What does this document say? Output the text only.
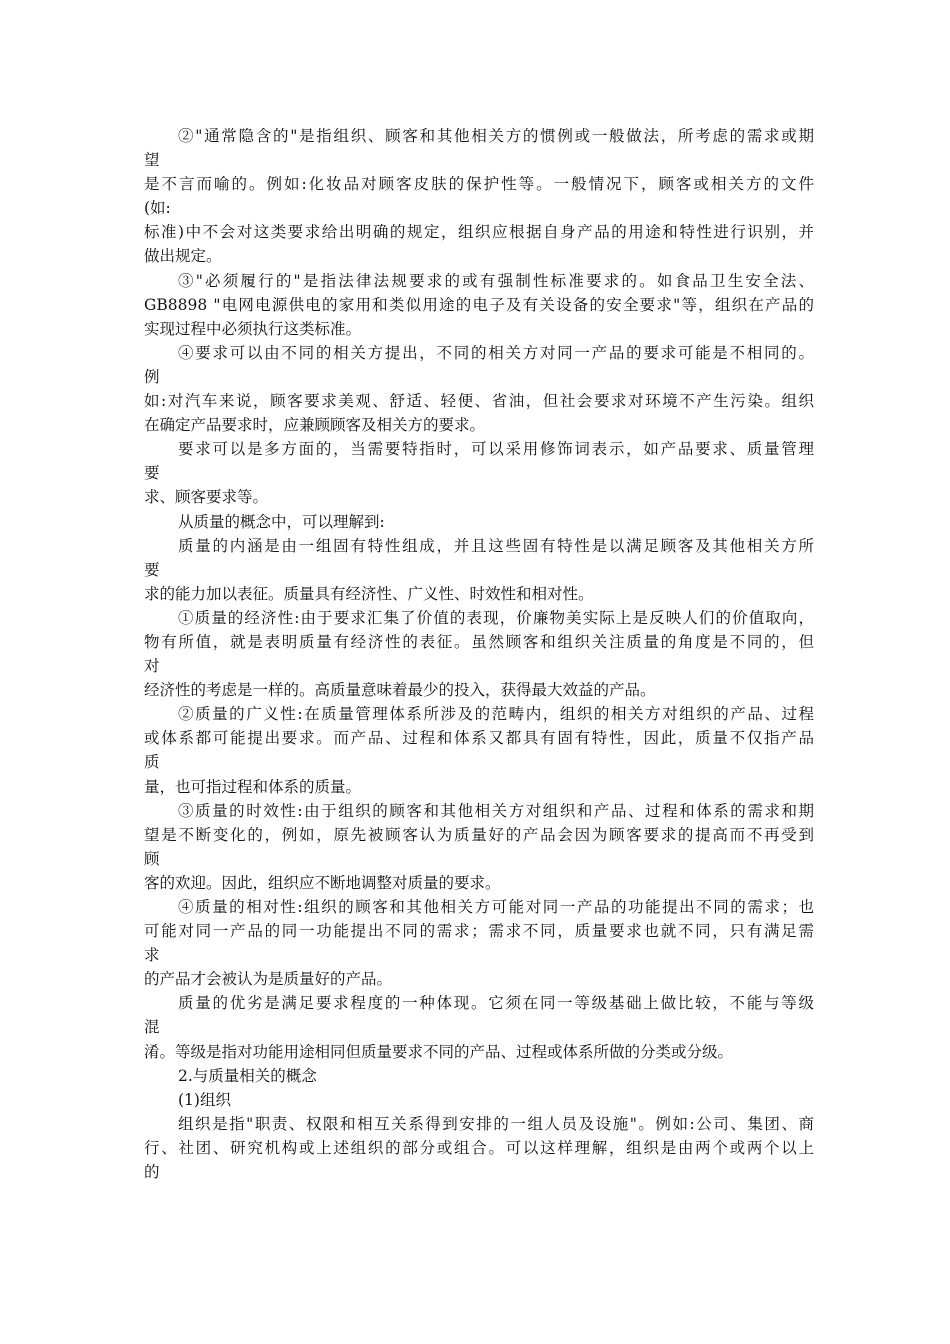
②"通常隐含的"是指组织、顾客和其他相关方的惯例或一般做法，所考虑的需求或期
望
是不言而喻的。例如:化妆品对顾客皮肤的保护性等。一般情况下，顾客或相关方的文件
(如:
标准)中不会对这类要求给出明确的规定，组织应根据自身产品的用途和特性进行识别，并
做出规定。
③"必须履行的"是指法律法规要求的或有强制性标准要求的。如食品卫生安全法、
GB8898 "电网电源供电的家用和类似用途的电子及有关设备的安全要求"等，组织在产品的
实现过程中必须执行这类标准。
④要求可以由不同的相关方提出，不同的相关方对同一产品的要求可能是不相同的。
例
如:对汽车来说，顾客要求美观、舒适、轻便、省油，但社会要求对环境不产生污染。组织
在确定产品要求时，应兼顾顾客及相关方的要求。
要求可以是多方面的，当需要特指时，可以采用修饰词表示，如产品要求、质量管理
要
求、顾客要求等。
从质量的概念中，可以理解到:
质量的内涵是由一组固有特性组成，并且这些固有特性是以满足顾客及其他相关方所
要
求的能力加以表征。质量具有经济性、广义性、时效性和相对性。
①质量的经济性:由于要求汇集了价值的表现，价廉物美实际上是反映人们的价值取向，
物有所值，就是表明质量有经济性的表征。虽然顾客和组织关注质量的角度是不同的，但
对
经济性的考虑是一样的。高质量意味着最少的投入，获得最大效益的产品。
②质量的广义性:在质量管理体系所涉及的范畴内，组织的相关方对组织的产品、过程
或体系都可能提出要求。而产品、过程和体系又都具有固有特性，因此，质量不仅指产品
质
量，也可指过程和体系的质量。
③质量的时效性:由于组织的顾客和其他相关方对组织和产品、过程和体系的需求和期
望是不断变化的，例如，原先被顾客认为质量好的产品会因为顾客要求的提高而不再受到
顾
客的欢迎。因此，组织应不断地调整对质量的要求。
④质量的相对性:组织的顾客和其他相关方可能对同一产品的功能提出不同的需求；也
可能对同一产品的同一功能提出不同的需求；需求不同，质量要求也就不同，只有满足需
求
的产品才会被认为是质量好的产品。
质量的优劣是满足要求程度的一种体现。它须在同一等级基础上做比较，不能与等级
混
淆。等级是指对功能用途相同但质量要求不同的产品、过程或体系所做的分类或分级。
2.与质量相关的概念
(1)组织
组织是指"职责、权限和相互关系得到安排的一组人员及设施"。例如:公司、集团、商
行、社团、研究机构或上述组织的部分或组合。可以这样理解，组织是由两个或两个以上
的
